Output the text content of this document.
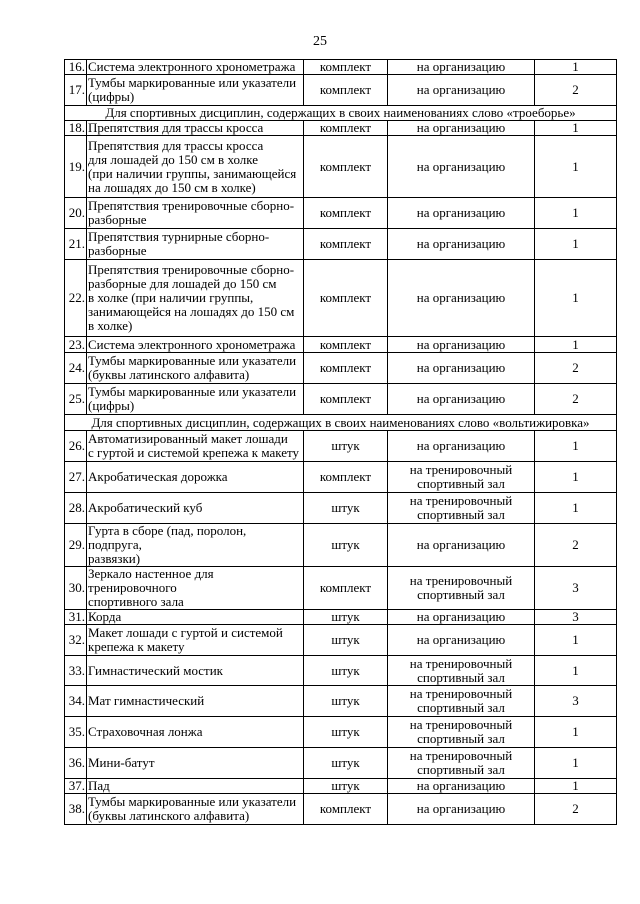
25
16.	Система электронного хронометража	комплект	на организацию	1
17.	Тумбы маркированные или указатели
(цифры)	комплект	на организацию	2

Для спортивных дисциплин, содержащих в своих наименованиях слово «троеборье»				

18.	Препятствия для трассы кросса	комплект	на организацию	1
19.	Препятствия для трассы кросса
для лошадей до 150 см в холке
(при наличии группы, занимающейся
на лошадях до 150 см в холке)	комплект	на организацию	1
20.	Препятствия тренировочные сборно-
разборные	комплект	на организацию	1
21.	Препятствия турнирные сборно-
разборные	комплект	на организацию	1
22.	Препятствия тренировочные сборно-
разборные для лошадей до 150 см
в холке (при наличии группы,
занимающейся на лошадях до 150 см
в холке)	комплект	на организацию	1
23.	Система электронного хронометража	комплект	на организацию	1
24.	Тумбы маркированные или указатели
(буквы латинского алфавита)	комплект	на организацию	2
25.	Тумбы маркированные или указатели
(цифры)	комплект	на организацию	2

Для спортивных дисциплин, содержащих в своих наименованиях слово «вольтижировка»				

26.	Автоматизированный макет лошади
с гуртой и системой крепежа к макету	штук	на организацию	1
27.	Акробатическая дорожка	комплект	на тренировочный
спортивный зал	1
28.	Акробатический куб	штук	на тренировочный
спортивный зал	1
29.	Гурта в сборе (пад, поролон, подпруга,
развязки)	штук	на организацию	2
30.	Зеркало настенное для тренировочного
спортивного зала	комплект	на тренировочный
спортивный зал	3
31.	Корда	штук	на организацию	3
32.	Макет лошади с гуртой и системой
крепежа к макету	штук	на организацию	1
33.	Гимнастический мостик	штук	на тренировочный
спортивный зал	1
34.	Мат гимнастический	штук	на тренировочный
спортивный зал	3
35.	Страховочная лонжа	штук	на тренировочный
спортивный зал	1
36.	Мини-батут	штук	на тренировочный
спортивный зал	1
37.	Пад	штук	на организацию	1
38.	Тумбы маркированные или указатели
(буквы латинского алфавита)	комплект	на организацию	2
